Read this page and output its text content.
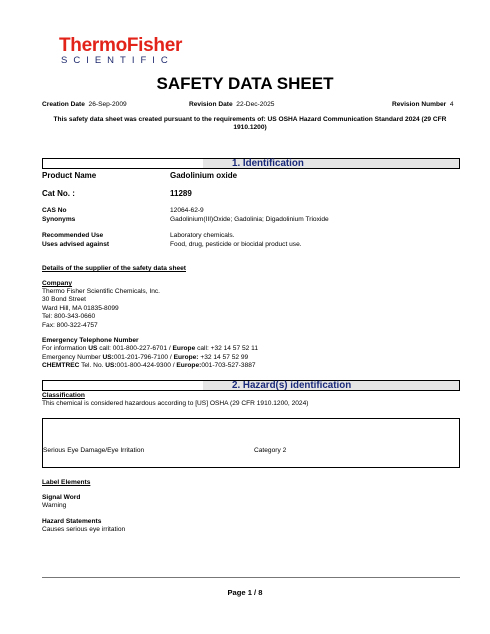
ThermoFisher
SCIENTIFIC
SAFETY DATA SHEET
Creation Date 26-Sep-2009	Revision Date 22-Dec-2025	Revision Number 4
This safety data sheet was created pursuant to the requirements of: US OSHA Hazard Communication Standard 2024 (29 CFR 1910.1200)
1. Identification
Product Name	Gadolinium oxide
Cat No. :	11289
CAS No	12064-62-9
Synonyms	Gadolinium(III)Oxide; Gadolinia; Digadolinium Trioxide
Recommended Use	Laboratory chemicals.
Uses advised against	Food, drug, pesticide or biocidal product use.
Details of the supplier of the safety data sheet
Company
Thermo Fisher Scientific Chemicals, Inc.
30 Bond Street
Ward Hill, MA 01835-8099
Tel: 800-343-0660
Fax: 800-322-4757
Emergency Telephone Number
For information US call: 001-800-227-6701 / Europe call: +32 14 57 52 11
Emergency Number US:001-201-796-7100 / Europe: +32 14 57 52 99
CHEMTREC Tel. No. US:001-800-424-9300 / Europe:001-703-527-3887
2. Hazard(s) identification
Classification
This chemical is considered hazardous according to [US] OSHA (29 CFR 1910.1200, 2024)
Serious Eye Damage/Eye Irritation	Category 2
Label Elements
Signal Word
Warning
Hazard Statements
Causes serious eye irritation
Page 1 / 8
